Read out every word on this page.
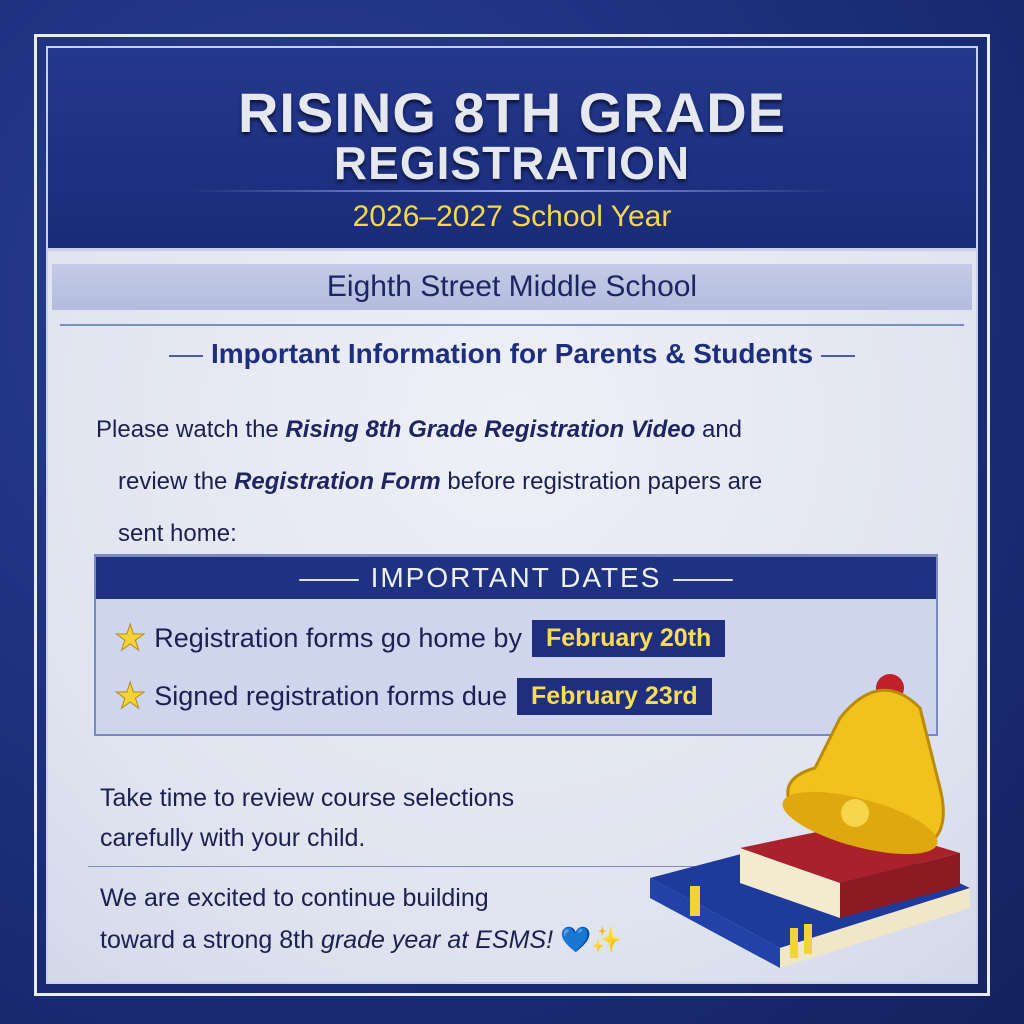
RISING 8TH GRADE
REGISTRATION
2026–2027 School Year
Eighth Street Middle School
Important Information for Parents & Students
Please watch the Rising 8th Grade Registration Video and
review the Registration Form before registration papers are
sent home:
IMPORTANT DATES
★ Registration forms go home by February 20th
★ Signed registration forms due February 23rd
Take time to review course selections
carefully with your child.
We are excited to continue building
toward a strong 8th grade year at ESMS! 💙✨
